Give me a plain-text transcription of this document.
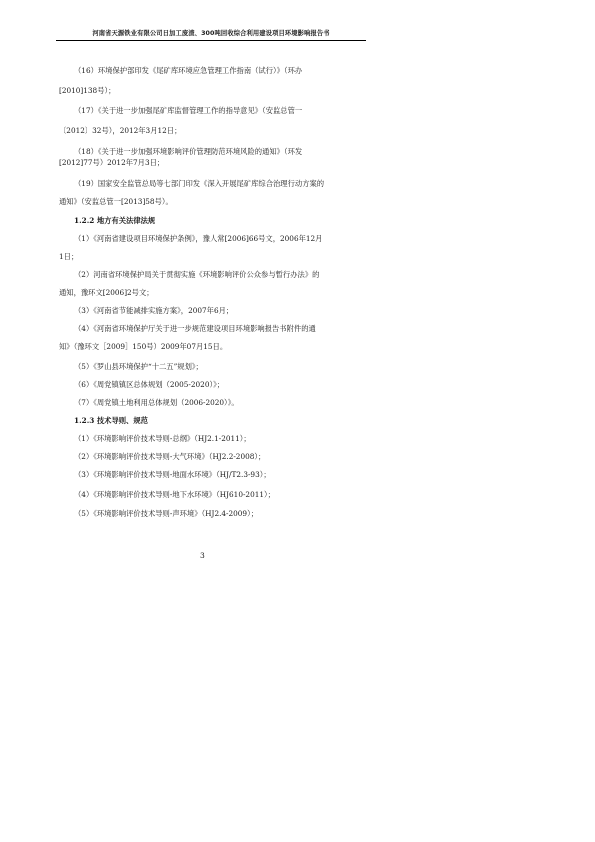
河南省天源铁业有限公司日加工废渣、300吨回收综合利用建设项目环境影响报告书
（16）环境保护部印发《尾矿库环境应急管理工作指南（试行）》（环办
[2010]138号）；
（17）《关于进一步加强尾矿库监督管理工作的指导意见》（安监总管一
〔2012〕32号），2012年3月12日；
（18）《关于进一步加强环境影响评价管理防范环境风险的通知》（环发
[2012]77号）2012年7月3日；
（19）国家安全监管总局等七部门印发《深入开展尾矿库综合治理行动方案的
通知》（安监总管一[2013]58号）。
1.2.2 地方有关法律法规
（1）《河南省建设项目环境保护条例》，豫人常[2006]66号文，2006年12月
1日；
（2）河南省环境保护局关于贯彻实施《环境影响评价公众参与暂行办法》的
通知，豫环文[2006]2号文；
（3）《河南省节能减排实施方案》，2007年6月；
（4）《河南省环境保护厅关于进一步规范建设项目环境影响报告书附件的通
知》（豫环文［2009］150号）2009年07月15日。
（5）《罗山县环境保护“十二五”规划》；
（6）《周党镇镇区总体规划（2005-2020）》；
（7）《周党镇土地利用总体规划（2006-2020）》。
1.2.3 技术导则、规范
（1）《环境影响评价技术导则-总纲》（HJ2.1-2011）；
（2）《环境影响评价技术导则-大气环境》（HJ2.2-2008）；
（3）《环境影响评价技术导则-地面水环境》（HJ/T2.3-93）；
（4）《环境影响评价技术导则-地下水环境》（HJ610-2011）；
（5）《环境影响评价技术导则-声环境》（HJ2.4-2009）；
3
